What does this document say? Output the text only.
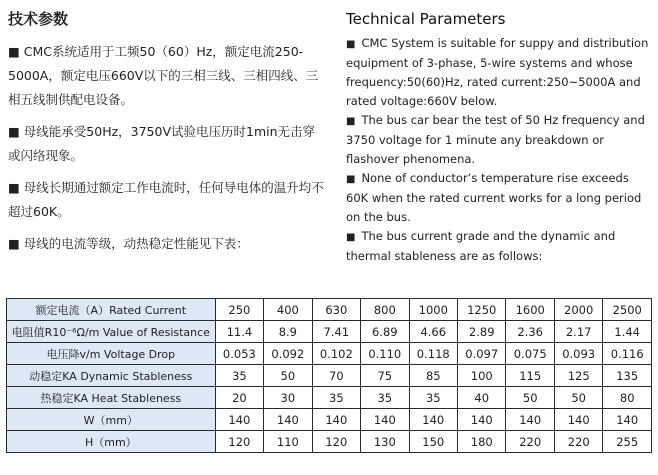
技术参数
■ CMC系统适用于工频50（60）Hz，额定电流250-5000A，额定电压660V以下的三相三线、三相四线、三相五线制供配电设备。
■ 母线能承受50Hz，3750V试验电压历时1min无击穿或闪络现象。
■ 母线长期通过额定工作电流时，任何导电体的温升均不超过60K。
■ 母线的电流等级，动热稳定性能见下表：
Technical Parameters
■ CMC System is suitable for suppy and distribution equipment of 3-phase, 5-wire systems and whose frequency:50(60)Hz, rated current:250~5000A and rated voltage:660V below.
■ The bus car bear the test of 50 Hz frequency and 3750 voltage for 1 minute any breakdown or flashover phenomena.
■ None of conductor’s temperature rise exceeds 60K when the rated current works for a long period on the bus.
■ The bus current grade and the dynamic and thermal stableness are as follows:
额定电流（A）Rated Current	250	400	630	800	1000	1250	1600	2000	2500
电阻值R10⁻⁶Ω/m Value of Resistance	11.4	8.9	7.41	6.89	4.66	2.89	2.36	2.17	1.44
电压降v/m Voltage Drop	0.053	0.092	0.102	0.110	0.118	0.097	0.075	0.093	0.116
动稳定KA Dynamic Stableness	35	50	70	75	85	100	115	125	135
热稳定KA Heat Stableness	20	30	35	35	35	40	50	50	80
W（mm）	140	140	140	140	140	140	140	140	140
H（mm）	120	110	120	130	150	180	220	220	255
